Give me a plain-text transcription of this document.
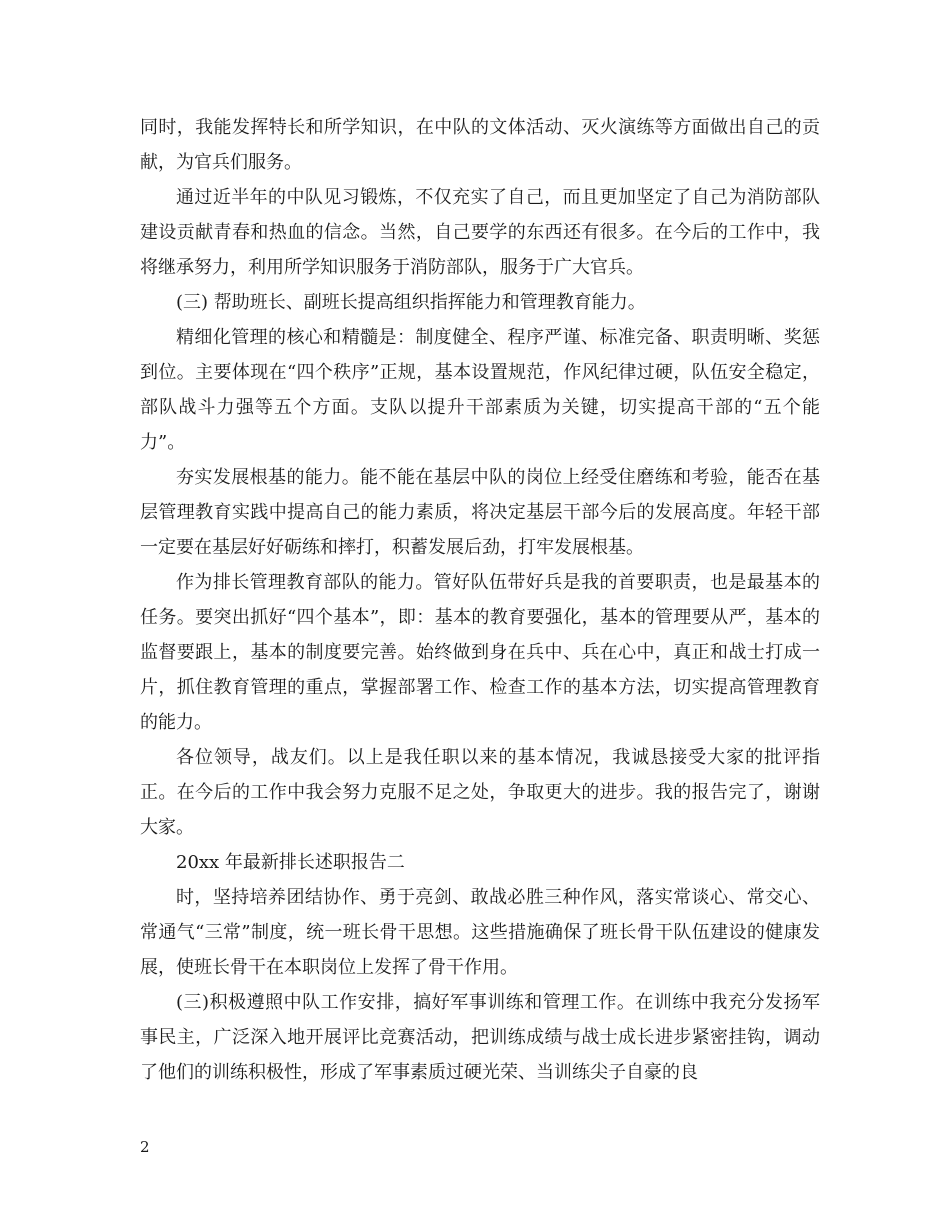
同时，我能发挥特长和所学知识，在中队的文体活动、灭火演练等方面做出自己的贡献，为官兵们服务。

通过近半年的中队见习锻炼，不仅充实了自己，而且更加坚定了自己为消防部队建设贡献青春和热血的信念。当然，自己要学的东西还有很多。在今后的工作中，我将继承努力，利用所学知识服务于消防部队，服务于广大官兵。

(三) 帮助班长、副班长提高组织指挥能力和管理教育能力。

精细化管理的核心和精髓是：制度健全、程序严谨、标准完备、职责明晰、奖惩到位。主要体现在“四个秩序”正规，基本设置规范，作风纪律过硬，队伍安全稳定，部队战斗力强等五个方面。支队以提升干部素质为关键，切实提高干部的“五个能力”。

夯实发展根基的能力。能不能在基层中队的岗位上经受住磨练和考验，能否在基层管理教育实践中提高自己的能力素质，将决定基层干部今后的发展高度。年轻干部一定要在基层好好砺练和摔打，积蓄发展后劲，打牢发展根基。

作为排长管理教育部队的能力。管好队伍带好兵是我的首要职责，也是最基本的任务。要突出抓好“四个基本”，即：基本的教育要强化，基本的管理要从严，基本的监督要跟上，基本的制度要完善。始终做到身在兵中、兵在心中，真正和战士打成一片，抓住教育管理的重点，掌握部署工作、检查工作的基本方法，切实提高管理教育的能力。

各位领导，战友们。以上是我任职以来的基本情况，我诚恳接受大家的批评指正。在今后的工作中我会努力克服不足之处，争取更大的进步。我的报告完了，谢谢大家。

20xx 年最新排长述职报告二

时，坚持培养团结协作、勇于亮剑、敢战必胜三种作风，落实常谈心、常交心、常通气“三常”制度，统一班长骨干思想。这些措施确保了班长骨干队伍建设的健康发展，使班长骨干在本职岗位上发挥了骨干作用。

(三)积极遵照中队工作安排，搞好军事训练和管理工作。在训练中我充分发扬军事民主，广泛深入地开展评比竞赛活动，把训练成绩与战士成长进步紧密挂钩，调动了他们的训练积极性，形成了军事素质过硬光荣、当训练尖子自豪的良

2
